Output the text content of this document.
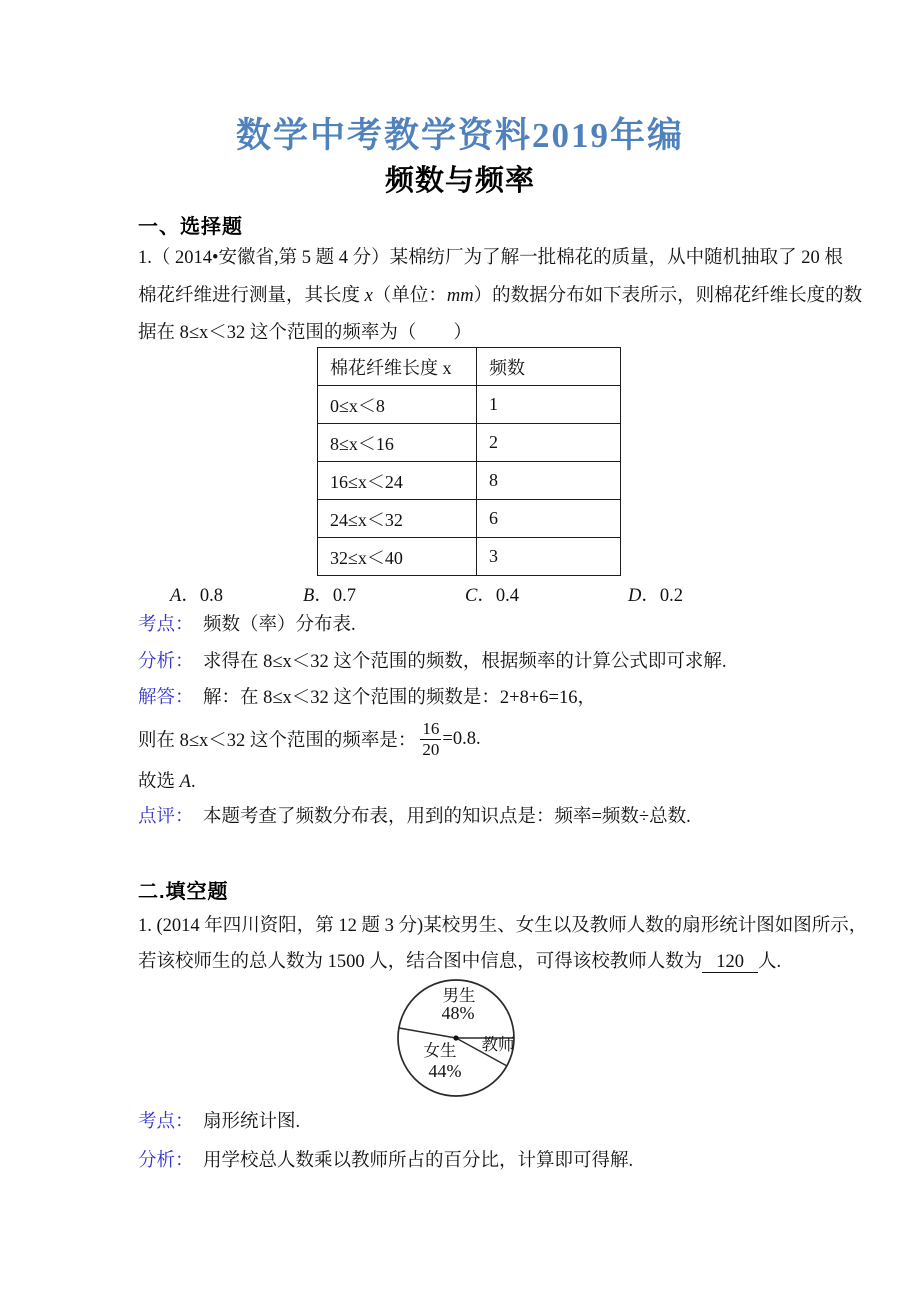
数学中考教学资料2019年编
频数与频率
一、选择题
1.（ 2014•安徽省,第 5 题 4 分）某棉纺厂为了解一批棉花的质量，从中随机抽取了 20 根
棉花纤维进行测量，其长度 x（单位：mm）的数据分布如下表所示，则棉花纤维长度的数
据在 8≤x＜32 这个范围的频率为（　　）
棉花纤维长度 x	频数
0≤x＜8	1
8≤x＜16	2
16≤x＜24	8
24≤x＜32	6
32≤x＜40	3
A．0.8	B．0.7	C．0.4	D．0.2
考点： 频数（率）分布表.
分析： 求得在 8≤x＜32 这个范围的频数，根据频率的计算公式即可求解.
解答： 解：在 8≤x＜32 这个范围的频数是：2+8+6=16，
则在 8≤x＜32 这个范围的频率是： $\frac{16}{20} =0.8$.
故选 A.
点评： 本题考查了频数分布表，用到的知识点是：频率=频数÷总数.
二.填空题
1. (2014 年四川资阳，第 12 题 3 分)某校男生、女生以及教师人数的扇形统计图如图所示，
若该校师生的总人数为 1500 人，结合图中信息，可得该校教师人数为 120 人.
男生
48%
女生
44%
教师
考点： 扇形统计图.
分析： 用学校总人数乘以教师所占的百分比，计算即可得解.
